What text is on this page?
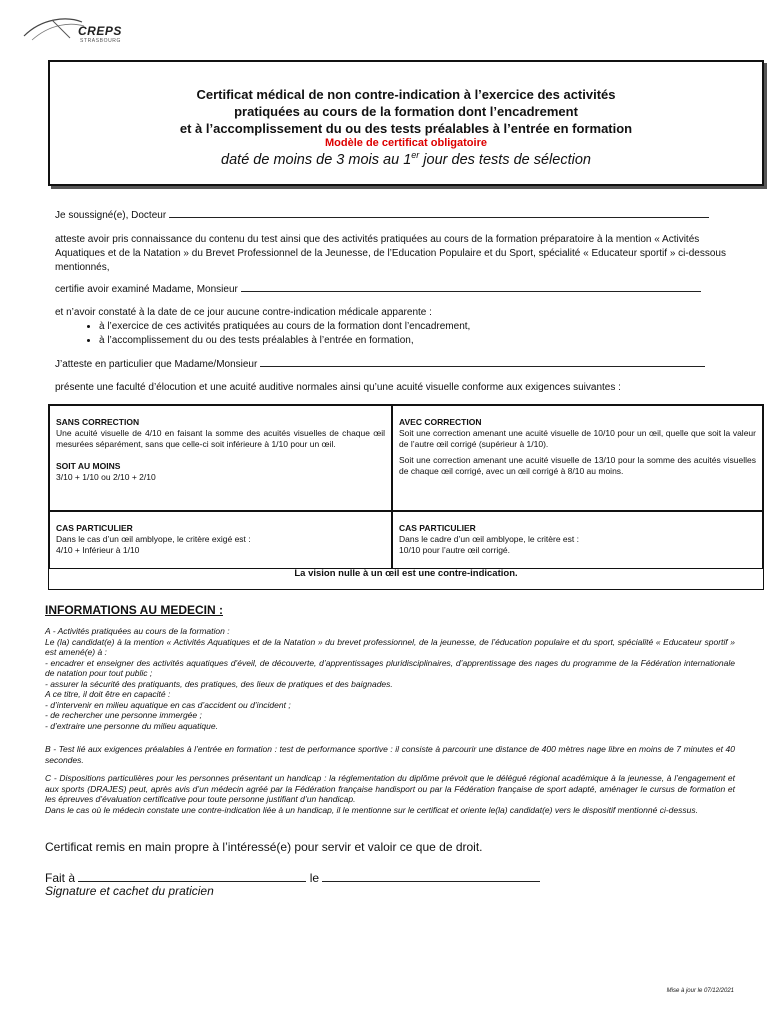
CREPS
STRASBOURG
Certificat médical de non contre-indication à l’exercice des activités
pratiquées au cours de la formation dont l’encadrement
et à l’accomplissement du ou des tests préalables à l’entrée en formation
Modèle de certificat obligatoire
daté de moins de 3 mois au 1er jour des tests de sélection
Je soussigné(e), Docteur
atteste avoir pris connaissance du contenu du test ainsi que des activités pratiquées au cours de la formation préparatoire à la mention « Activités Aquatiques et de la Natation » du Brevet Professionnel de la Jeunesse, de l’Education Populaire et du Sport, spécialité « Educateur sportif » ci-dessous mentionnés,
certifie avoir examiné Madame, Monsieur
et n’avoir constaté à la date de ce jour aucune contre-indication médicale apparente :
• à l’exercice de ces activités pratiquées au cours de la formation dont l’encadrement,
• à l’accomplissement du ou des tests préalables à l’entrée en formation,
J’atteste en particulier que Madame/Monsieur
présente une faculté d’élocution et une acuité auditive normales ainsi qu’une acuité visuelle conforme aux exigences suivantes :
SANS CORRECTION
Une acuité visuelle de 4/10 en faisant la somme des acuités visuelles de chaque œil mesurées séparément, sans que celle-ci soit inférieure à 1/10 pour un œil.

SOIT AU MOINS
3/10 + 1/10 ou 2/10 + 2/10
AVEC CORRECTION
Soit une correction amenant une acuité visuelle de 10/10 pour un œil, quelle que soit la valeur de l’autre œil corrigé (supérieur à 1/10).

Soit une correction amenant une acuité visuelle de 13/10 pour la somme des acuités visuelles de chaque œil corrigé, avec un œil corrigé à 8/10 au moins.
CAS PARTICULIER
Dans le cas d’un œil amblyope, le critère exigé est :
4/10 + Inférieur à 1/10
CAS PARTICULIER
Dans le cadre d’un œil amblyope, le critère est :
10/10 pour l’autre œil corrigé.
La vision nulle à un œil est une contre-indication.
INFORMATIONS AU MEDECIN :
A - Activités pratiquées au cours de la formation :
Le (la) candidat(e) à la mention « Activités Aquatiques et de la Natation » du brevet professionnel, de la jeunesse, de l’éducation populaire et du sport, spécialité « Educateur sportif » est amené(e) à :
- encadrer et enseigner des activités aquatiques d’éveil, de découverte, d’apprentissages pluridisciplinaires, d’apprentissage des nages du programme de la Fédération internationale de natation pour tout public ;
- assurer la sécurité des pratiquants, des pratiques, des lieux de pratiques et des baignades.
A ce titre, il doit être en capacité :
- d’intervenir en milieu aquatique en cas d’accident ou d’incident ;
- de rechercher une personne immergée ;
- d’extraire une personne du milieu aquatique.
B - Test lié aux exigences préalables à l’entrée en formation : test de performance sportive : il consiste à parcourir une distance de 400 mètres nage libre en moins de 7 minutes et 40 secondes.
C - Dispositions particulières pour les personnes présentant un handicap : la réglementation du diplôme prévoit que le délégué régional académique à la jeunesse, à l’engagement et aux sports (DRAJES) peut, après avis d’un médecin agréé par la Fédération française handisport ou par la Fédération française de sport adapté, aménager le cursus de formation et les épreuves d’évaluation certificative pour toute personne justifiant d’un handicap.
Dans le cas où le médecin constate une contre-indication liée à un handicap, il le mentionne sur le certificat et oriente le(la) candidat(e) vers le dispositif mentionné ci-dessus.
Certificat remis en main propre à l’intéressé(e) pour servir et valoir ce que de droit.
Fait à	le
Signature et cachet du praticien
Mise à jour le 07/12/2021
